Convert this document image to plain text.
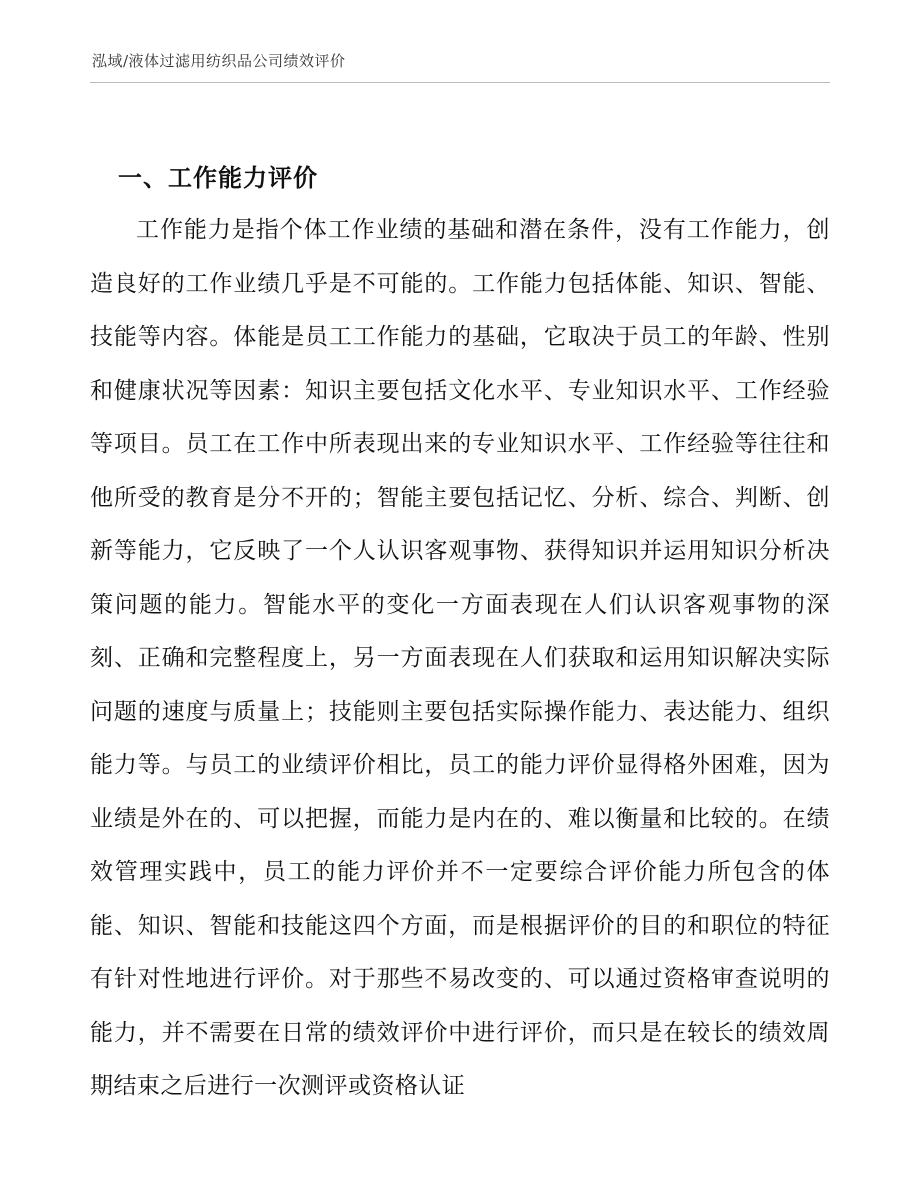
泓域/液体过滤用纺织品公司绩效评价
一、工作能力评价

工作能力是指个体工作业绩的基础和潜在条件，没有工作能力，创造良好的工作业绩几乎是不可能的。工作能力包括体能、知识、智能、技能等内容。体能是员工工作能力的基础，它取决于员工的年龄、性别和健康状况等因素：知识主要包括文化水平、专业知识水平、工作经验等项目。员工在工作中所表现出来的专业知识水平、工作经验等往往和他所受的教育是分不开的；智能主要包括记忆、分析、综合、判断、创新等能力，它反映了一个人认识客观事物、获得知识并运用知识分析决策问题的能力。智能水平的变化一方面表现在人们认识客观事物的深刻、正确和完整程度上，另一方面表现在人们获取和运用知识解决实际问题的速度与质量上；技能则主要包括实际操作能力、表达能力、组织能力等。与员工的业绩评价相比，员工的能力评价显得格外困难，因为业绩是外在的、可以把握，而能力是内在的、难以衡量和比较的。在绩效管理实践中，员工的能力评价并不一定要综合评价能力所包含的体能、知识、智能和技能这四个方面，而是根据评价的目的和职位的特征有针对性地进行评价。对于那些不易改变的、可以通过资格审查说明的能力，并不需要在日常的绩效评价中进行评价，而只是在较长的绩效周期结束之后进行一次测评或资格认证
